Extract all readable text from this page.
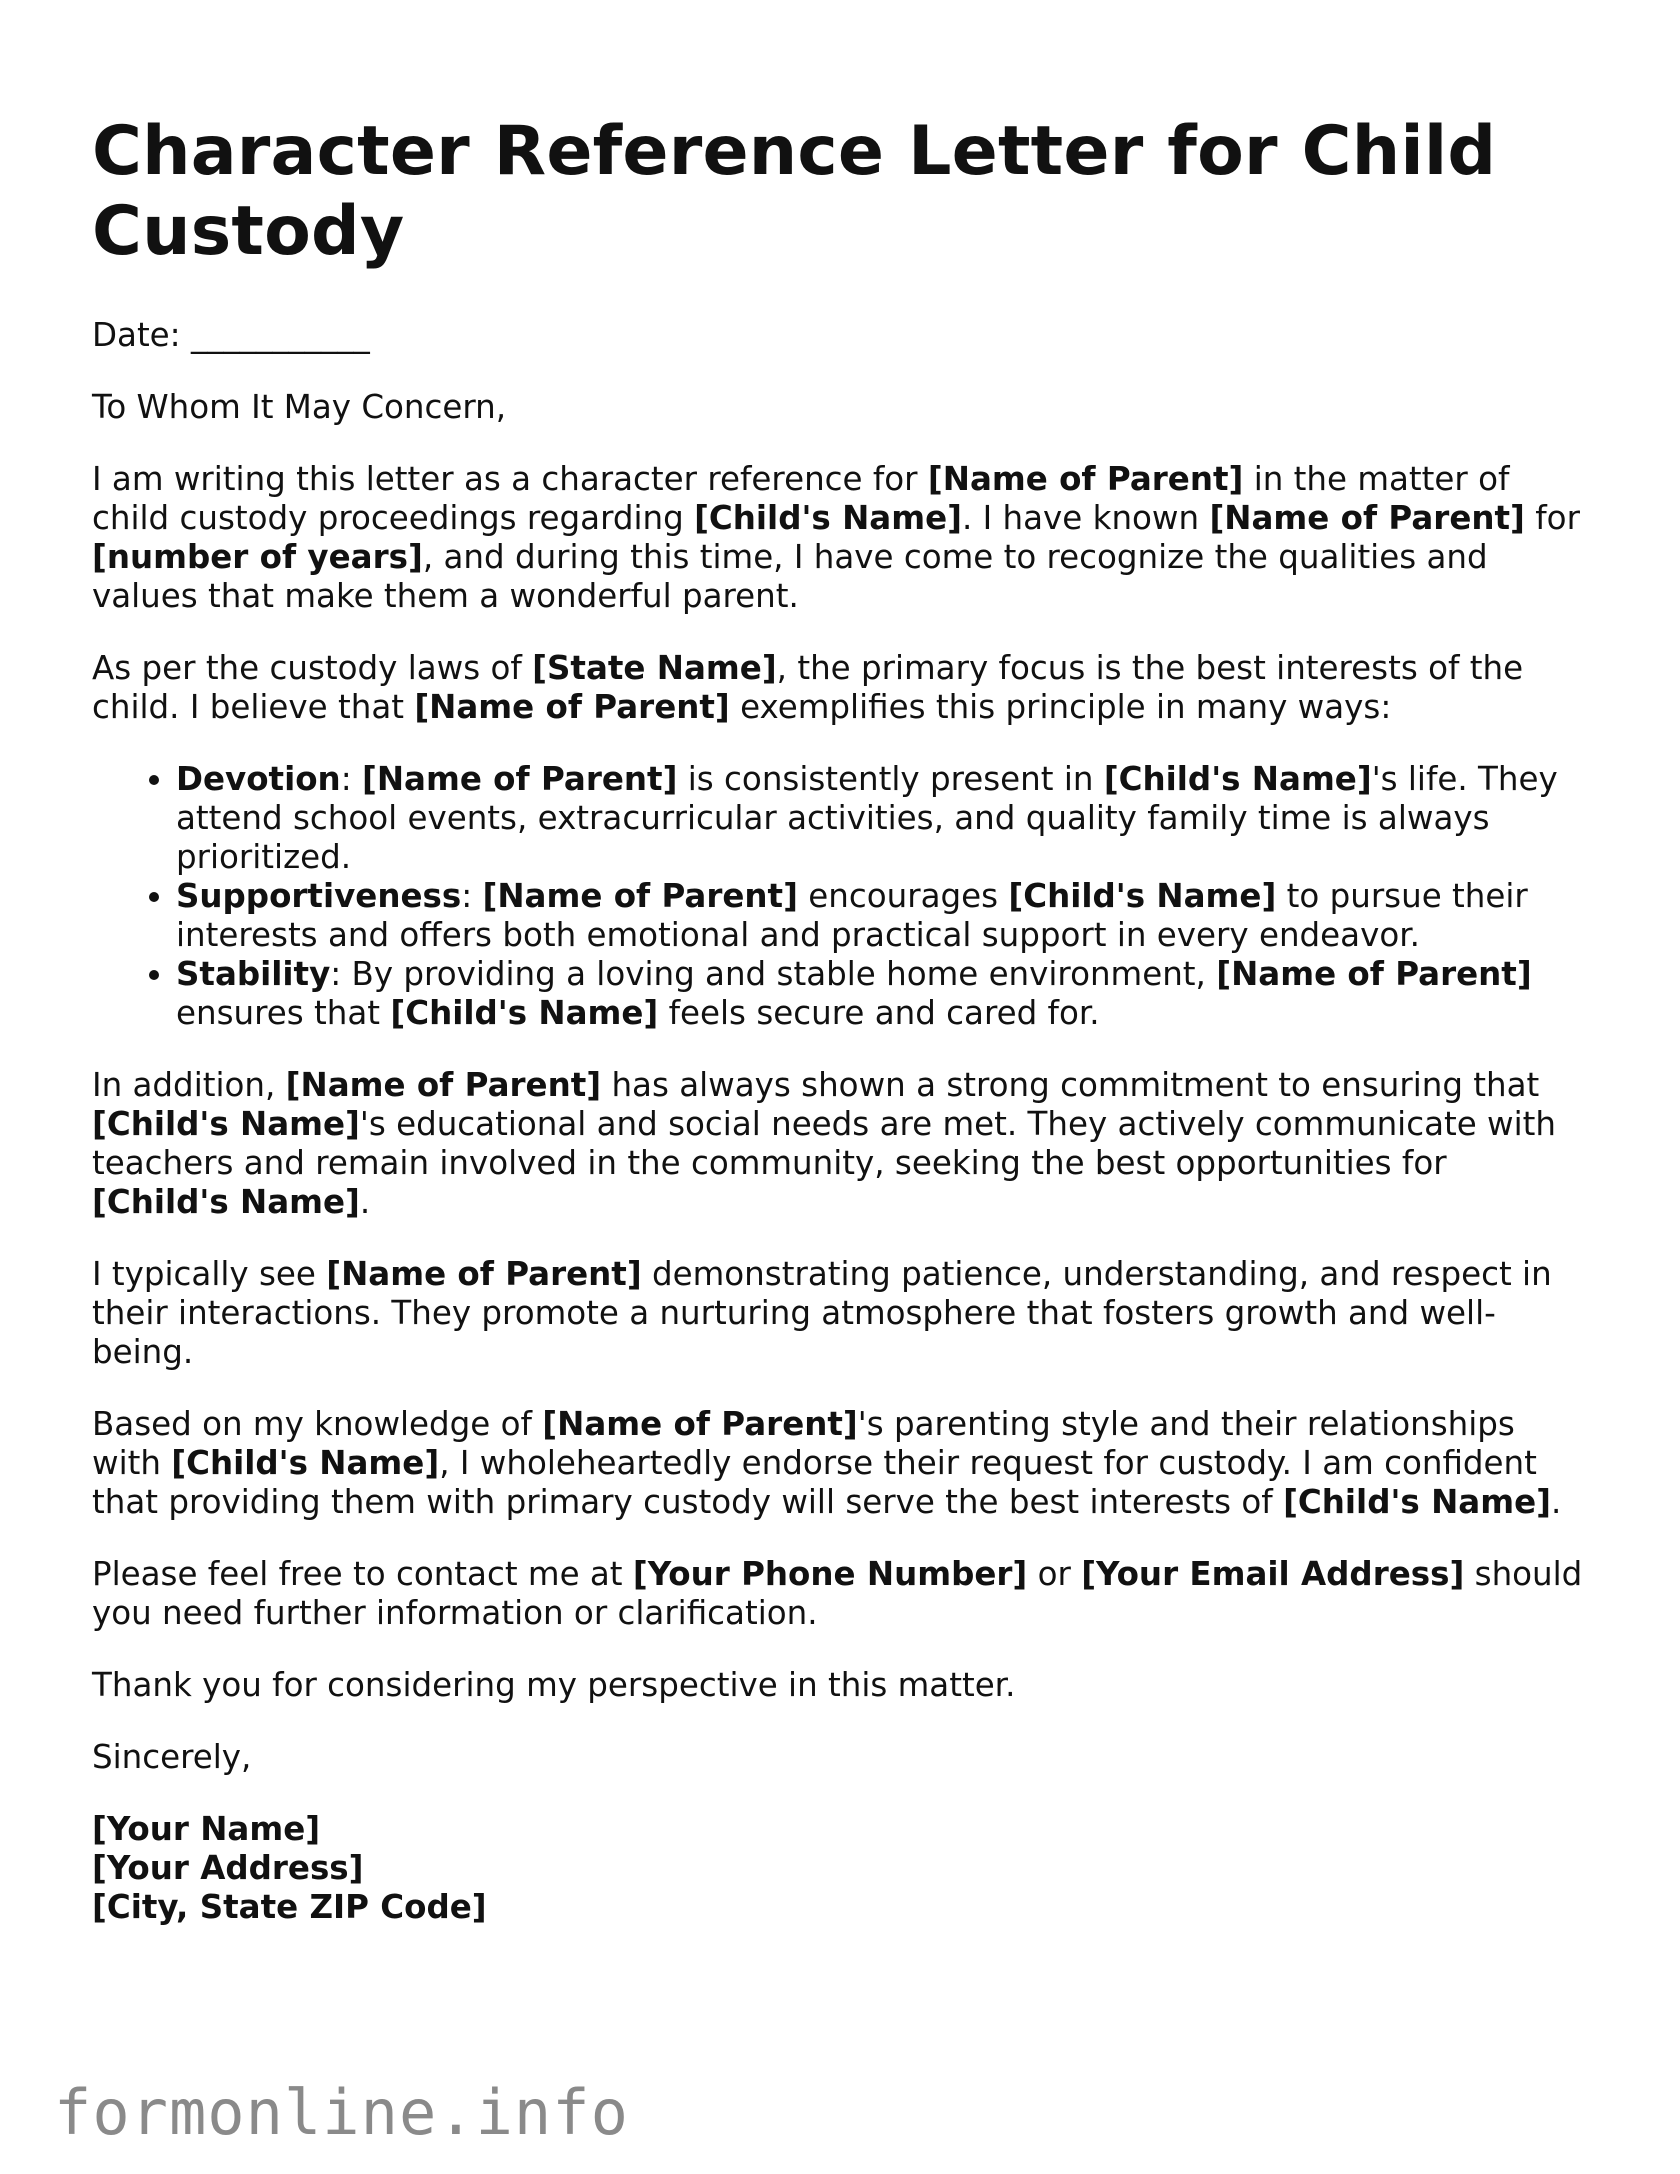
Character Reference Letter for Child Custody

Date: ___________

To Whom It May Concern,

I am writing this letter as a character reference for [Name of Parent] in the matter of child custody proceedings regarding [Child's Name]. I have known [Name of Parent] for [number of years], and during this time, I have come to recognize the qualities and values that make them a wonderful parent.

As per the custody laws of [State Name], the primary focus is the best interests of the child. I believe that [Name of Parent] exemplifies this principle in many ways:

• Devotion: [Name of Parent] is consistently present in [Child's Name]'s life. They attend school events, extracurricular activities, and quality family time is always prioritized.
• Supportiveness: [Name of Parent] encourages [Child's Name] to pursue their interests and offers both emotional and practical support in every endeavor.
• Stability: By providing a loving and stable home environment, [Name of Parent] ensures that [Child's Name] feels secure and cared for.

In addition, [Name of Parent] has always shown a strong commitment to ensuring that [Child's Name]'s educational and social needs are met. They actively communicate with teachers and remain involved in the community, seeking the best opportunities for [Child's Name].

I typically see [Name of Parent] demonstrating patience, understanding, and respect in their interactions. They promote a nurturing atmosphere that fosters growth and well-being.

Based on my knowledge of [Name of Parent]'s parenting style and their relationships with [Child's Name], I wholeheartedly endorse their request for custody. I am confident that providing them with primary custody will serve the best interests of [Child's Name].

Please feel free to contact me at [Your Phone Number] or [Your Email Address] should you need further information or clarification.

Thank you for considering my perspective in this matter.

Sincerely,

[Your Name]
[Your Address]
[City, State ZIP Code]
formonline.info
